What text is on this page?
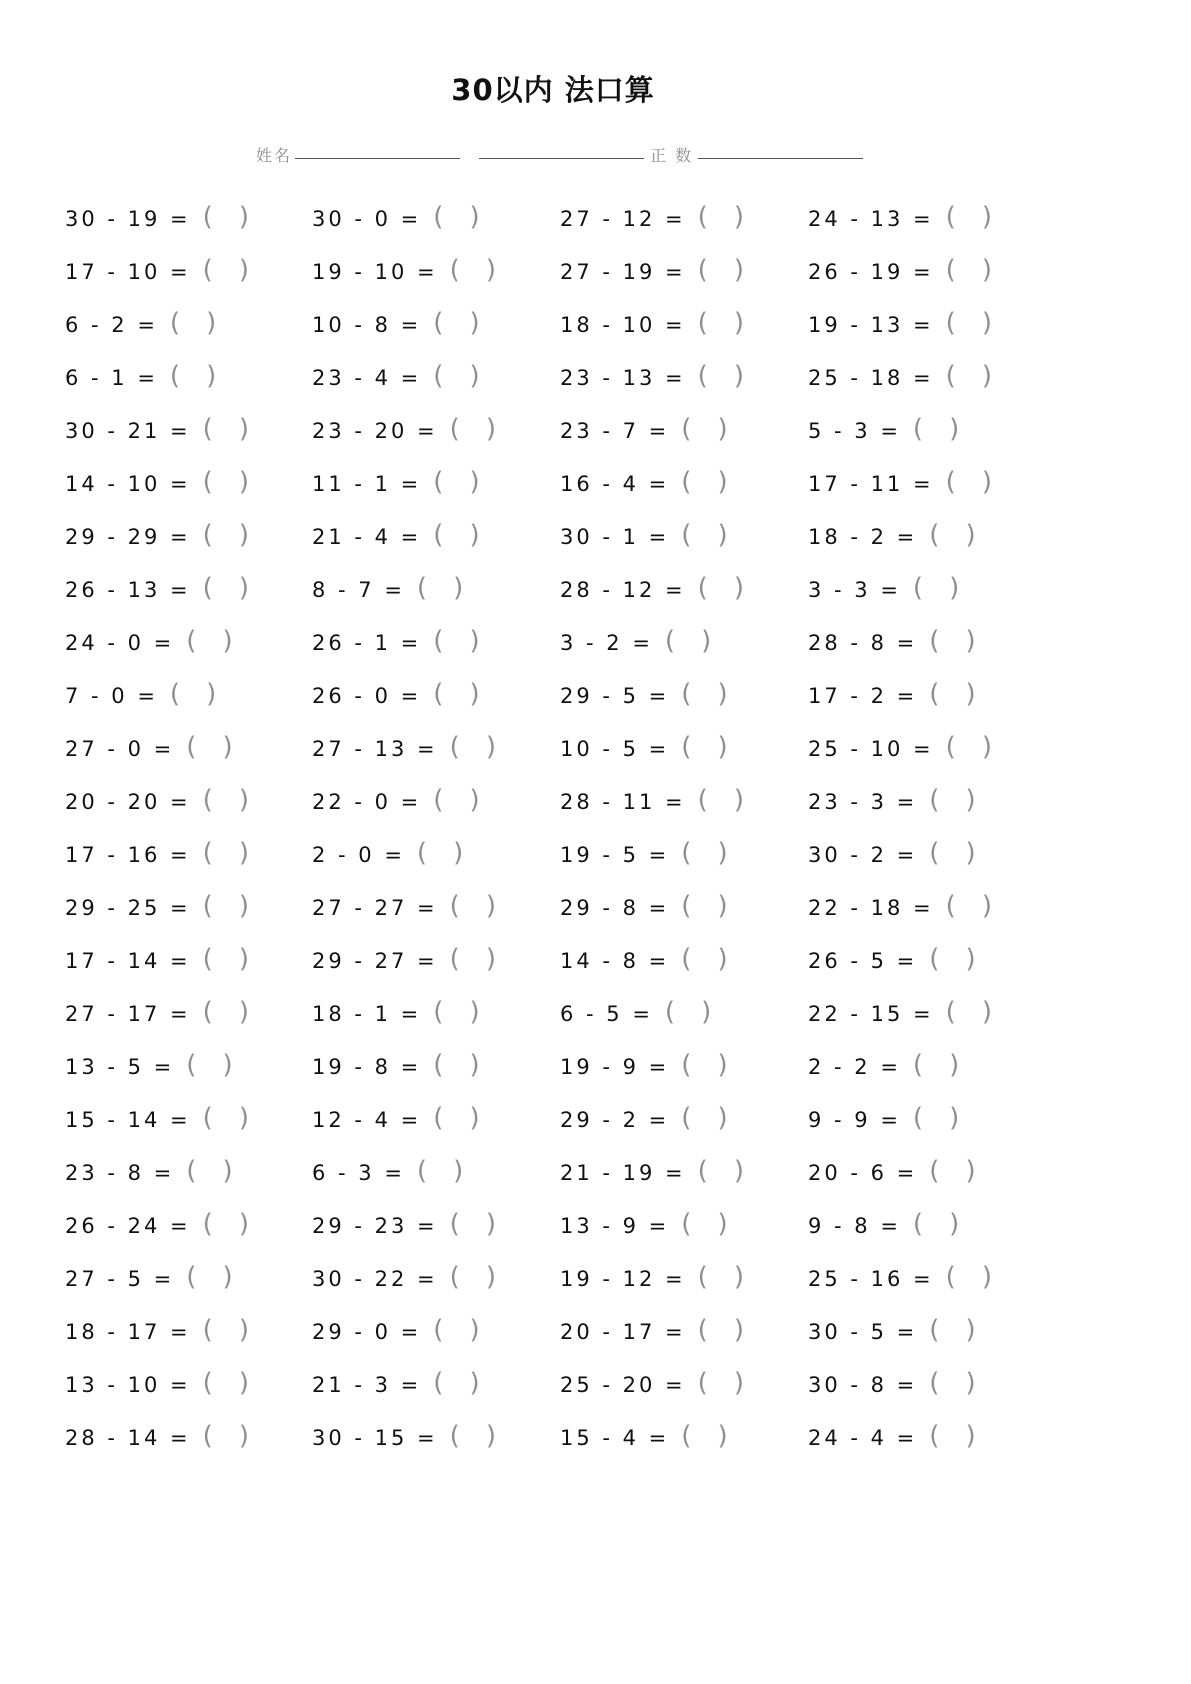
30以内 法口算
姓名	正 数
30 - 19 = ( )	30 - 0 = ( )	27 - 12 = ( )	24 - 13 = ( )
17 - 10 = ( )	19 - 10 = ( )	27 - 19 = ( )	26 - 19 = ( )
6 - 2 = ( )	10 - 8 = ( )	18 - 10 = ( )	19 - 13 = ( )
6 - 1 = ( )	23 - 4 = ( )	23 - 13 = ( )	25 - 18 = ( )
30 - 21 = ( )	23 - 20 = ( )	23 - 7 = ( )	5 - 3 = ( )
14 - 10 = ( )	11 - 1 = ( )	16 - 4 = ( )	17 - 11 = ( )
29 - 29 = ( )	21 - 4 = ( )	30 - 1 = ( )	18 - 2 = ( )
26 - 13 = ( )	8 - 7 = ( )	28 - 12 = ( )	3 - 3 = ( )
24 - 0 = ( )	26 - 1 = ( )	3 - 2 = ( )	28 - 8 = ( )
7 - 0 = ( )	26 - 0 = ( )	29 - 5 = ( )	17 - 2 = ( )
27 - 0 = ( )	27 - 13 = ( )	10 - 5 = ( )	25 - 10 = ( )
20 - 20 = ( )	22 - 0 = ( )	28 - 11 = ( )	23 - 3 = ( )
17 - 16 = ( )	2 - 0 = ( )	19 - 5 = ( )	30 - 2 = ( )
29 - 25 = ( )	27 - 27 = ( )	29 - 8 = ( )	22 - 18 = ( )
17 - 14 = ( )	29 - 27 = ( )	14 - 8 = ( )	26 - 5 = ( )
27 - 17 = ( )	18 - 1 = ( )	6 - 5 = ( )	22 - 15 = ( )
13 - 5 = ( )	19 - 8 = ( )	19 - 9 = ( )	2 - 2 = ( )
15 - 14 = ( )	12 - 4 = ( )	29 - 2 = ( )	9 - 9 = ( )
23 - 8 = ( )	6 - 3 = ( )	21 - 19 = ( )	20 - 6 = ( )
26 - 24 = ( )	29 - 23 = ( )	13 - 9 = ( )	9 - 8 = ( )
27 - 5 = ( )	30 - 22 = ( )	19 - 12 = ( )	25 - 16 = ( )
18 - 17 = ( )	29 - 0 = ( )	20 - 17 = ( )	30 - 5 = ( )
13 - 10 = ( )	21 - 3 = ( )	25 - 20 = ( )	30 - 8 = ( )
28 - 14 = ( )	30 - 15 = ( )	15 - 4 = ( )	24 - 4 = ( )
